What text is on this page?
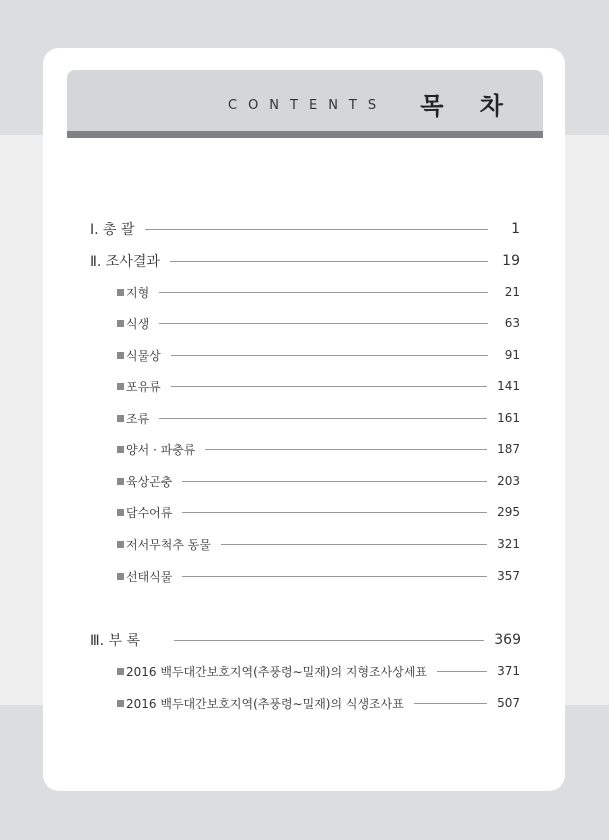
CONTENTS 목 차
Ⅰ. 총 괄	1
Ⅱ. 조사결과	19
지형	21
식생	63
식물상	91
포유류	141
조류	161
양서 · 파충류	187
육상곤충	203
담수어류	295
저서무척추 동물	321
선태식물	357
Ⅲ. 부 록	369
2016 백두대간보호지역(추풍령∼밀재)의 지형조사상세표	371
2016 백두대간보호지역(추풍령∼밀재)의 식생조사표	507
